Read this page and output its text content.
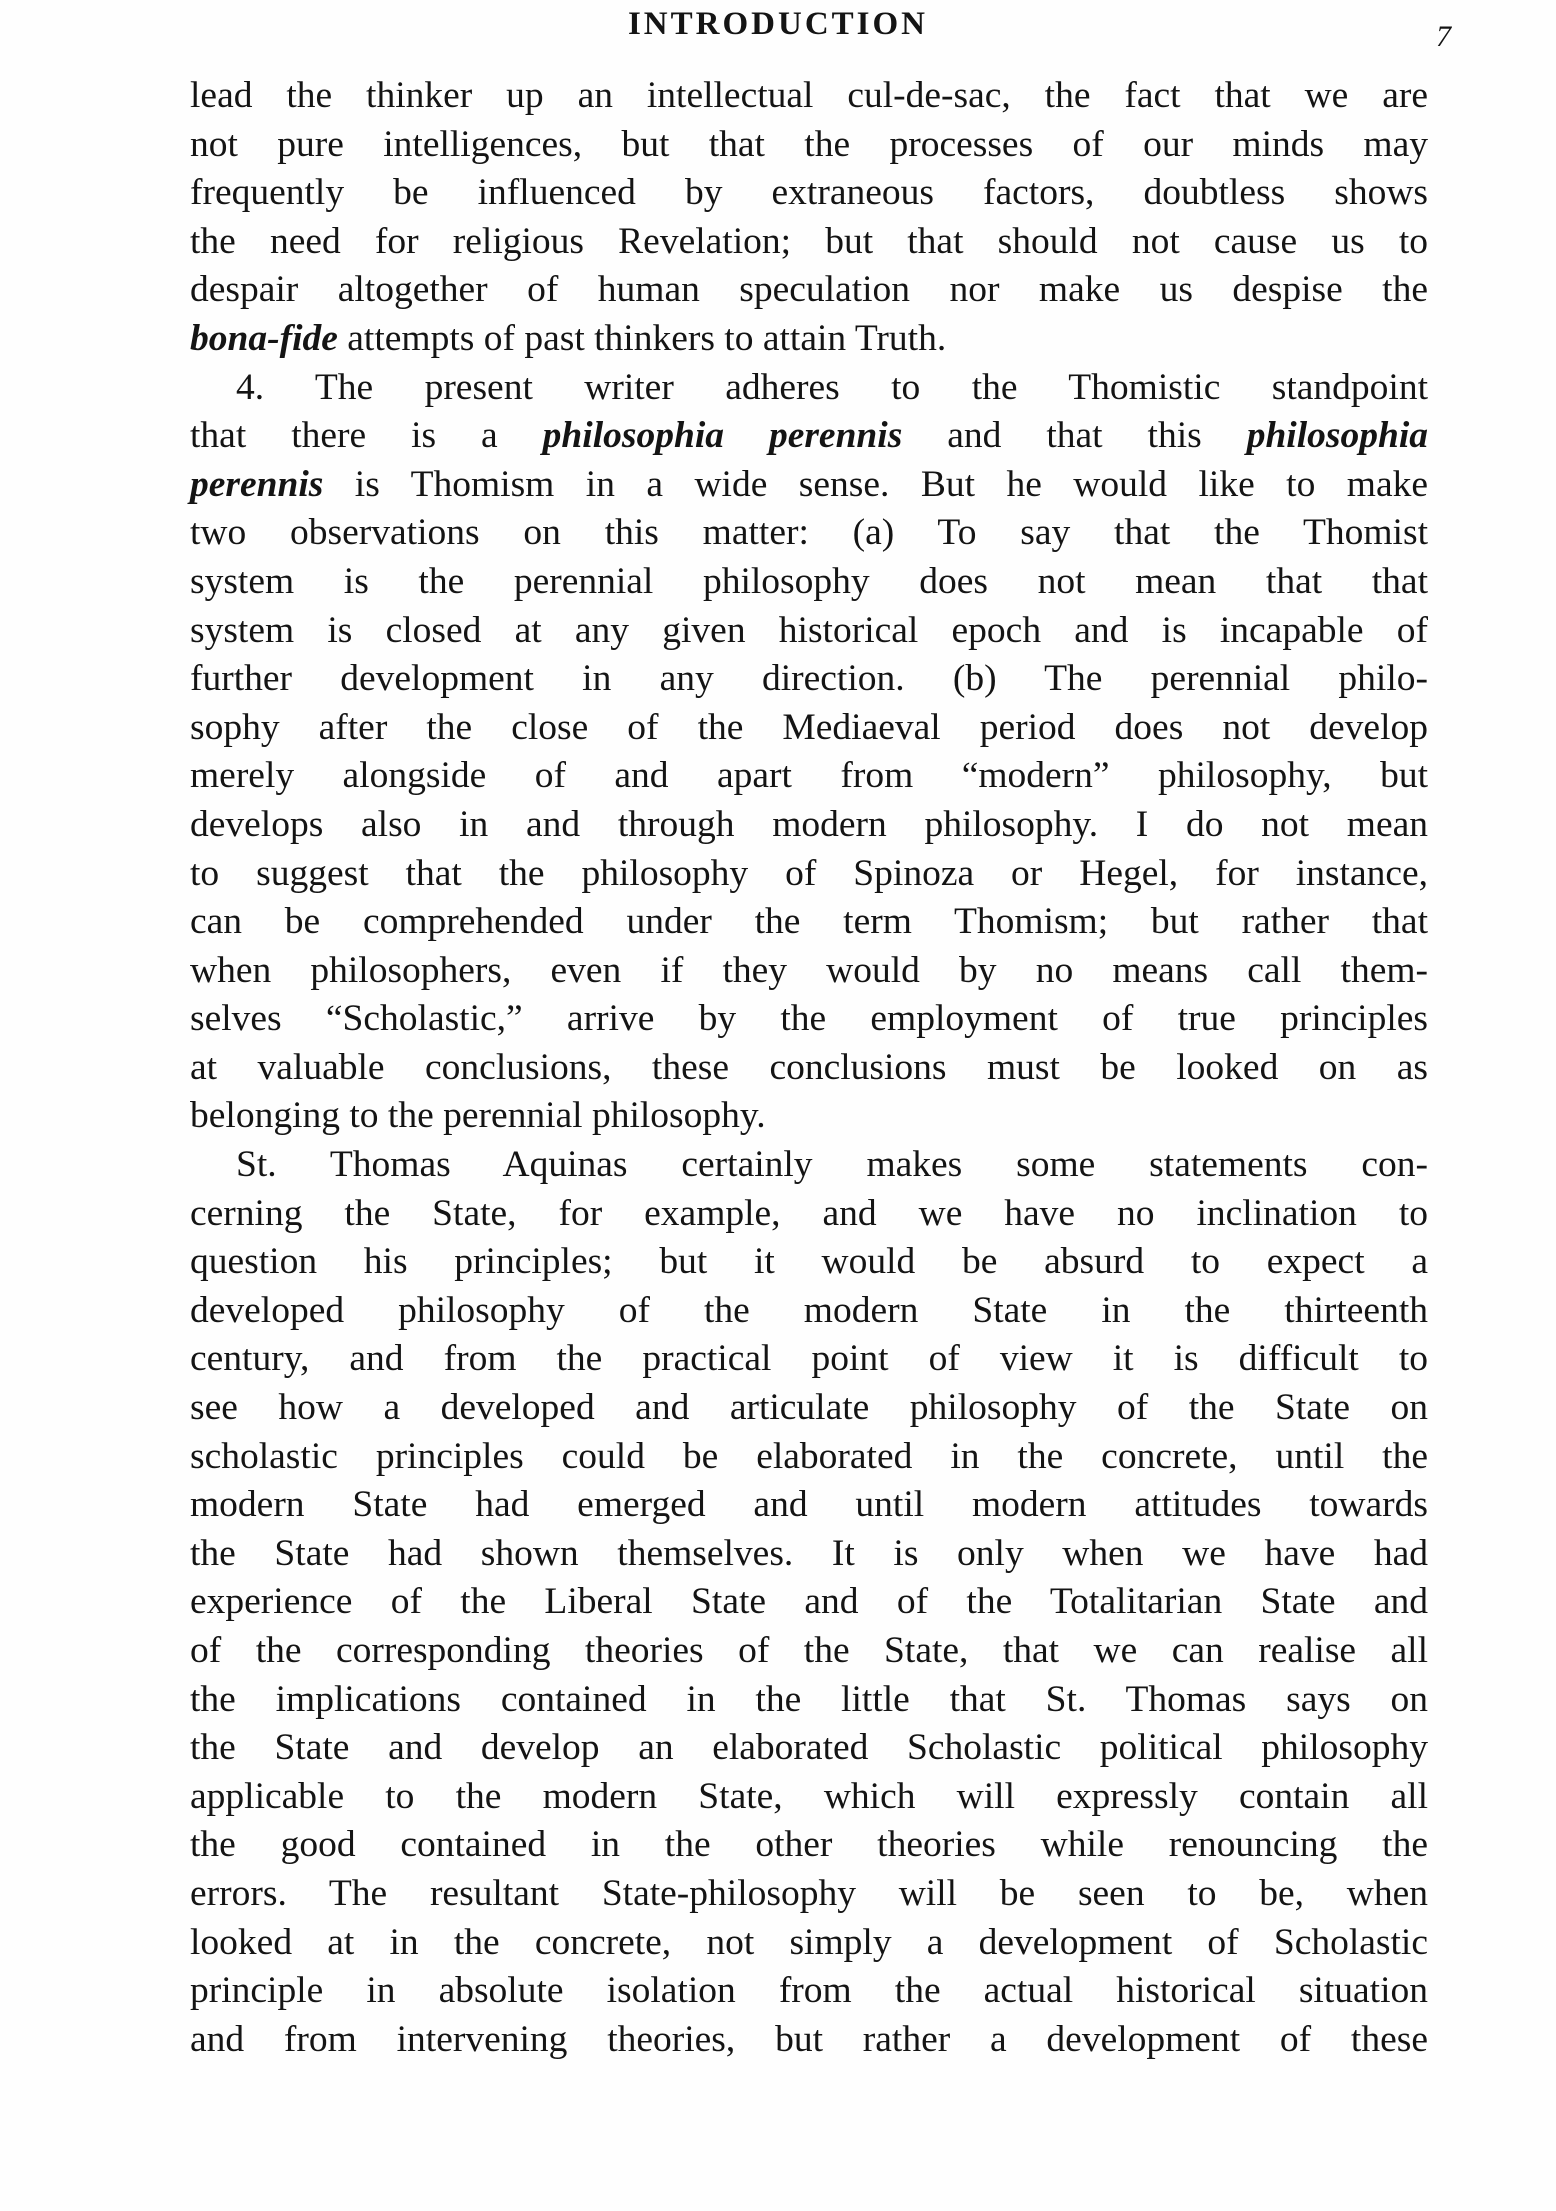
INTRODUCTION	7
lead the thinker up an intellectual cul-de-sac, the fact that we are
not pure intelligences, but that the processes of our minds may
frequently be influenced by extraneous factors, doubtless shows
the need for religious Revelation; but that should not cause us to
despair altogether of human speculation nor make us despise the
bona-fide attempts of past thinkers to attain Truth.
4. The present writer adheres to the Thomistic standpoint
that there is a philosophia perennis and that this philosophia
perennis is Thomism in a wide sense. But he would like to make
two observations on this matter: (a) To say that the Thomist
system is the perennial philosophy does not mean that that
system is closed at any given historical epoch and is incapable of
further development in any direction. (b) The perennial philo-
sophy after the close of the Mediaeval period does not develop
merely alongside of and apart from “modern” philosophy, but
develops also in and through modern philosophy. I do not mean
to suggest that the philosophy of Spinoza or Hegel, for instance,
can be comprehended under the term Thomism; but rather that
when philosophers, even if they would by no means call them-
selves “Scholastic,” arrive by the employment of true principles
at valuable conclusions, these conclusions must be looked on as
belonging to the perennial philosophy.
St. Thomas Aquinas certainly makes some statements con-
cerning the State, for example, and we have no inclination to
question his principles; but it would be absurd to expect a
developed philosophy of the modern State in the thirteenth
century, and from the practical point of view it is difficult to
see how a developed and articulate philosophy of the State on
scholastic principles could be elaborated in the concrete, until the
modern State had emerged and until modern attitudes towards
the State had shown themselves. It is only when we have had
experience of the Liberal State and of the Totalitarian State and
of the corresponding theories of the State, that we can realise all
the implications contained in the little that St. Thomas says on
the State and develop an elaborated Scholastic political philosophy
applicable to the modern State, which will expressly contain all
the good contained in the other theories while renouncing the
errors. The resultant State-philosophy will be seen to be, when
looked at in the concrete, not simply a development of Scholastic
principle in absolute isolation from the actual historical situation
and from intervening theories, but rather a development of these
